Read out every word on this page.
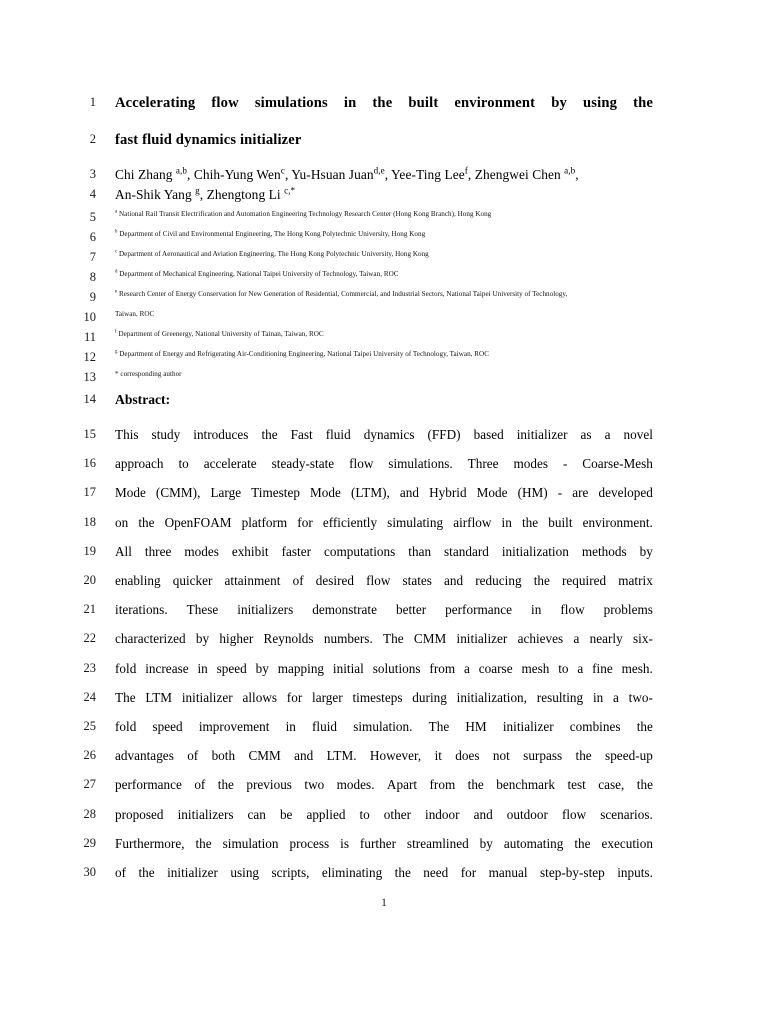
1	Accelerating flow simulations in the built environment by using the
2	fast fluid dynamics initializer
3	Chi Zhang $^{a,b}$, Chih-Yung Wen$^c$, Yu-Hsuan Juan$^{d,e}$, Yee-Ting Lee$^f$, Zhengwei Chen $^{a,b}$,
4	An-Shik Yang $^g$, Zhengtong Li $^{c,*}$
5	$^a$ National Rail Transit Electrification and Automation Engineering Technology Research Center (Hong Kong Branch), Hong Kong
6	$^b$ Department of Civil and Environmental Engineering, The Hong Kong Polytechnic University, Hong Kong
7	$^c$ Department of Aeronautical and Aviation Engineering, The Hong Kong Polytechnic University, Hong Kong
8	$^d$ Department of Mechanical Engineering, National Taipei University of Technology, Taiwan, ROC
9	$^e$ Research Center of Energy Conservation for New Generation of Residential, Commercial, and Industrial Sectors, National Taipei University of Technology,
10	Taiwan, ROC
11	$^f$ Department of Greenergy, National University of Tainan, Taiwan, ROC
12	$^g$ Department of Energy and Refrigerating Air-Conditioning Engineering, National Taipei University of Technology, Taiwan, ROC
13	* corresponding author
14	Abstract:
15 This study introduces the Fast fluid dynamics (FFD) based initializer as a novel
16 approach to accelerate steady-state flow simulations. Three modes - Coarse-Mesh
17 Mode (CMM), Large Timestep Mode (LTM), and Hybrid Mode (HM) - are developed
18 on the OpenFOAM platform for efficiently simulating airflow in the built environment.
19 All three modes exhibit faster computations than standard initialization methods by
20 enabling quicker attainment of desired flow states and reducing the required matrix
21 iterations. These initializers demonstrate better performance in flow problems
22 characterized by higher Reynolds numbers. The CMM initializer achieves a nearly six-
23 fold increase in speed by mapping initial solutions from a coarse mesh to a fine mesh.
24 The LTM initializer allows for larger timesteps during initialization, resulting in a two-
25 fold speed improvement in fluid simulation. The HM initializer combines the
26 advantages of both CMM and LTM. However, it does not surpass the speed-up
27 performance of the previous two modes. Apart from the benchmark test case, the
28 proposed initializers can be applied to other indoor and outdoor flow scenarios.
29 Furthermore, the simulation process is further streamlined by automating the execution
30 of the initializer using scripts, eliminating the need for manual step-by-step inputs.
1
